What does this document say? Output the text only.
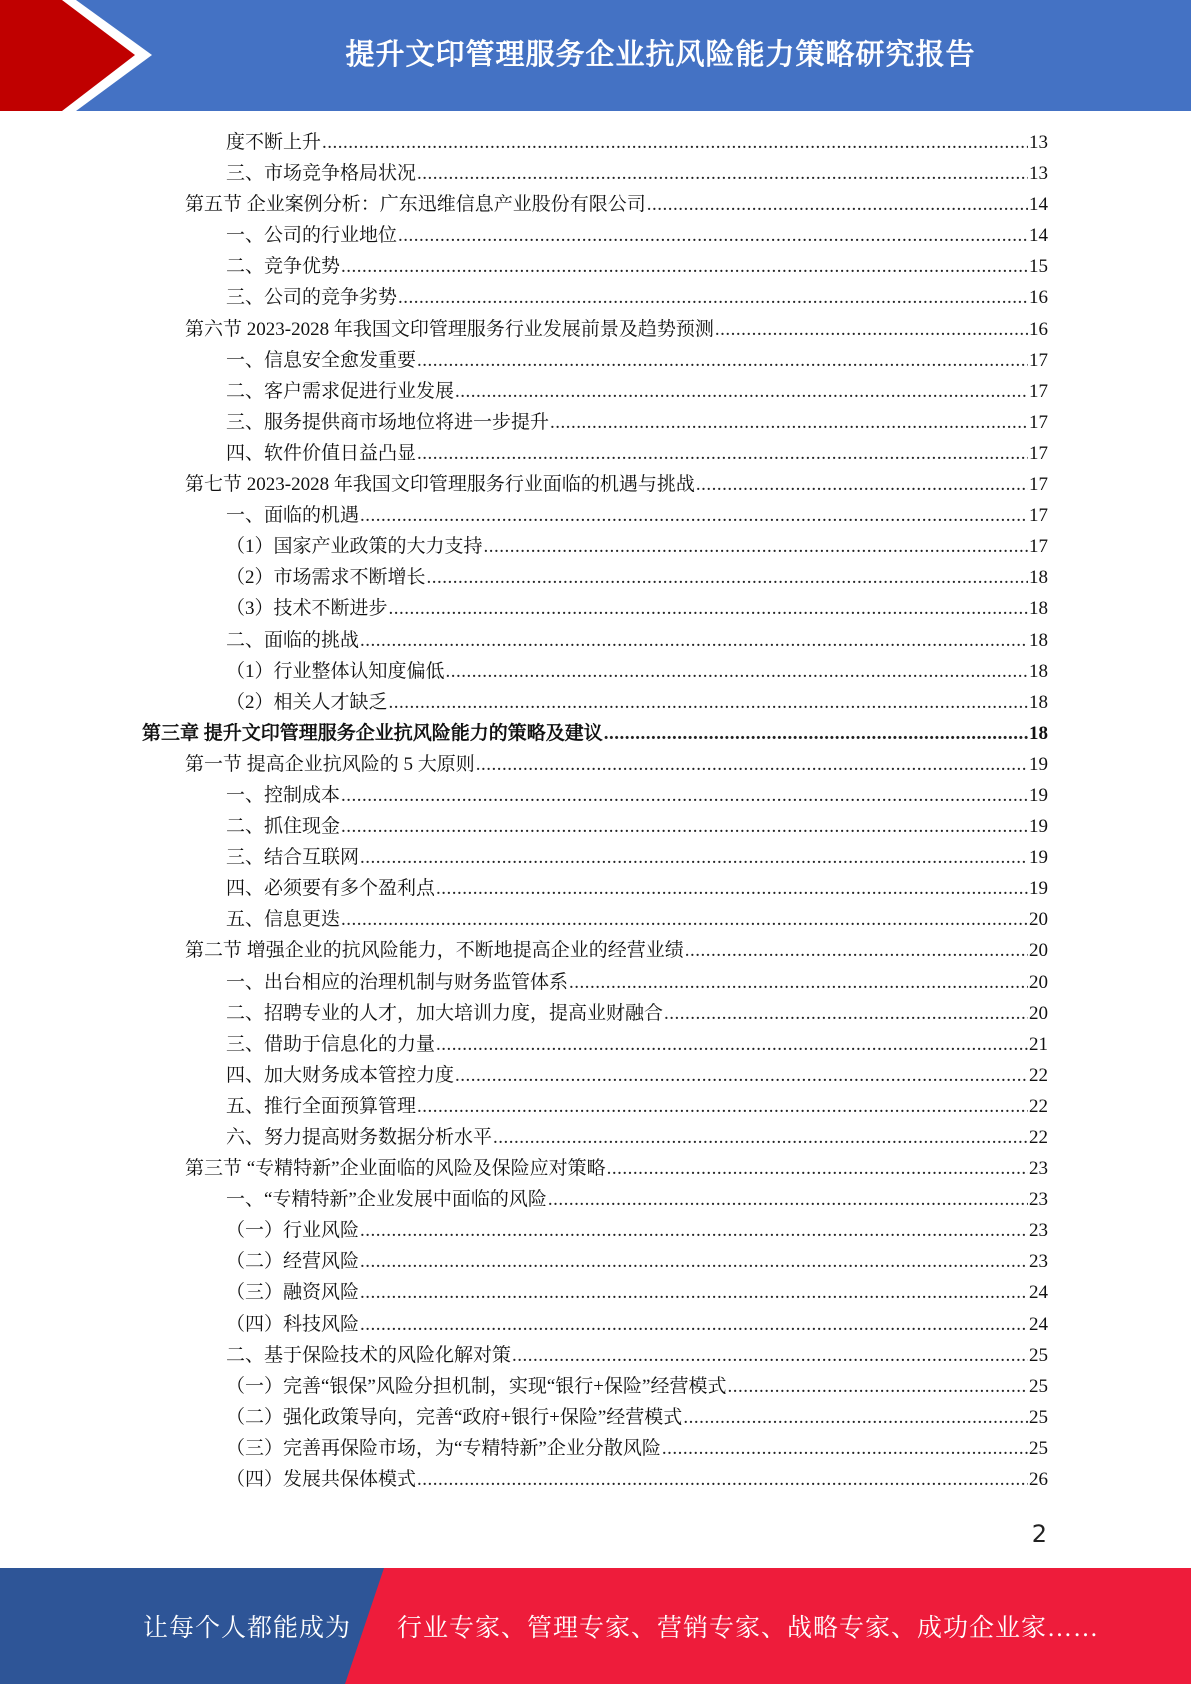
提升文印管理服务企业抗风险能力策略研究报告
度不断上升 .....	13
三、市场竞争格局状况 .....	13
第五节 企业案例分析：广东迅维信息产业股份有限公司 .....	14
一、公司的行业地位 .....	14
二、竞争优势 .....	15
三、公司的竞争劣势 .....	16
第六节 2023-2028 年我国文印管理服务行业发展前景及趋势预测 .....	16
一、信息安全愈发重要 .....	17
二、客户需求促进行业发展 .....	17
三、服务提供商市场地位将进一步提升 .....	17
四、软件价值日益凸显 .....	17
第七节 2023-2028 年我国文印管理服务行业面临的机遇与挑战 .....	17
一、面临的机遇 .....	17
（1）国家产业政策的大力支持 .....	17
（2）市场需求不断增长 .....	18
（3）技术不断进步 .....	18
二、面临的挑战 .....	18
（1）行业整体认知度偏低 .....	18
（2）相关人才缺乏 .....	18
第三章 提升文印管理服务企业抗风险能力的策略及建议 .....	18
第一节 提高企业抗风险的 5 大原则 .....	19
一、控制成本 .....	19
二、抓住现金 .....	19
三、结合互联网 .....	19
四、必须要有多个盈利点 .....	19
五、信息更迭 .....	20
第二节 增强企业的抗风险能力，不断地提高企业的经营业绩 .....	20
一、出台相应的治理机制与财务监管体系 .....	20
二、招聘专业的人才，加大培训力度，提高业财融合 .....	20
三、借助于信息化的力量 .....	21
四、加大财务成本管控力度 .....	22
五、推行全面预算管理 .....	22
六、努力提高财务数据分析水平 .....	22
第三节 “专精特新”企业面临的风险及保险应对策略 .....	23
一、“专精特新”企业发展中面临的风险 .....	23
（一）行业风险 .....	23
（二）经营风险 .....	23
（三）融资风险 .....	24
（四）科技风险 .....	24
二、基于保险技术的风险化解对策 .....	25
（一）完善“银保”风险分担机制，实现“银行+保险”经营模式 .....	25
（二）强化政策导向，完善“政府+银行+保险”经营模式 .....	25
（三）完善再保险市场，为“专精特新”企业分散风险 .....	25
（四）发展共保体模式 .....	26
2
让每个人都能成为 行业专家、管理专家、营销专家、战略专家、成功企业家……
